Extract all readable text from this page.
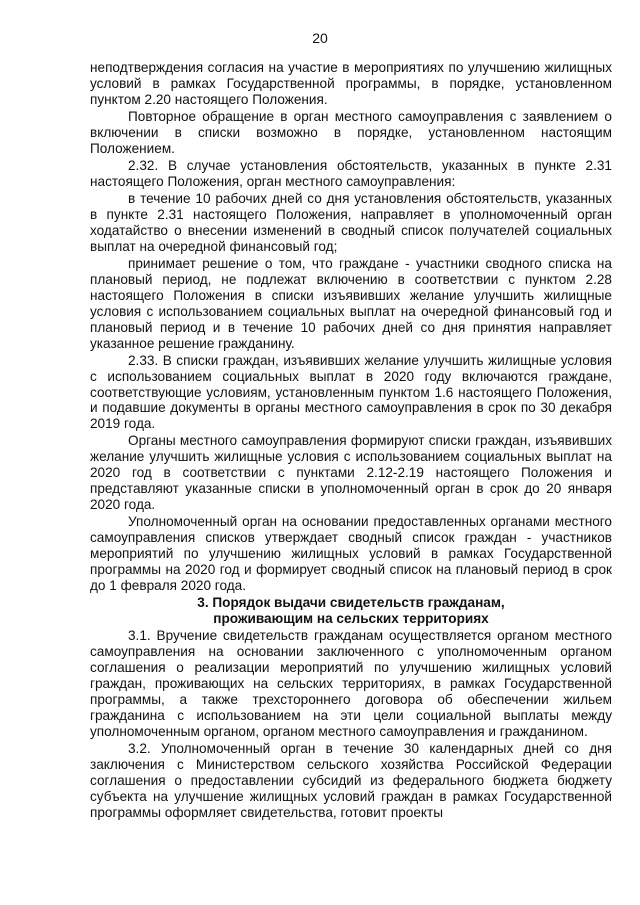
20

неподтверждения согласия на участие в мероприятиях по улучшению жилищных условий в рамках Государственной программы, в порядке, установленном пунктом 2.20 настоящего Положения.

Повторное обращение в орган местного самоуправления с заявлением о включении в списки возможно в порядке, установленном настоящим Положением.

2.32. В случае установления обстоятельств, указанных в пункте 2.31 настоящего Положения, орган местного самоуправления:

в течение 10 рабочих дней со дня установления обстоятельств, указанных в пункте 2.31 настоящего Положения, направляет в уполномоченный орган ходатайство о внесении изменений в сводный список получателей социальных выплат на очередной финансовый год;

принимает решение о том, что граждане - участники сводного списка на плановый период, не подлежат включению в соответствии с пунктом 2.28 настоящего Положения в списки изъявивших желание улучшить жилищные условия с использованием социальных выплат на очередной финансовый год и плановый период и в течение 10 рабочих дней со дня принятия направляет указанное решение гражданину.

2.33. В списки граждан, изъявивших желание улучшить жилищные условия с использованием социальных выплат в 2020 году включаются граждане, соответствующие условиям, установленным пунктом 1.6 настоящего Положения, и подавшие документы в органы местного самоуправления в срок по 30 декабря 2019 года.

Органы местного самоуправления формируют списки граждан, изъявивших желание улучшить жилищные условия с использованием социальных выплат на 2020 год в соответствии с пунктами 2.12-2.19 настоящего Положения и представляют указанные списки в уполномоченный орган в срок до 20 января 2020 года.

Уполномоченный орган на основании предоставленных органами местного самоуправления списков утверждает сводный список граждан - участников мероприятий по улучшению жилищных условий в рамках Государственной программы на 2020 год и формирует сводный список на плановый период в срок до 1 февраля 2020 года.

3. Порядок выдачи свидетельств гражданам,
проживающим на сельских территориях

3.1. Вручение свидетельств гражданам осуществляется органом местного самоуправления на основании заключенного с уполномоченным органом соглашения о реализации мероприятий по улучшению жилищных условий граждан, проживающих на сельских территориях, в рамках Государственной программы, а также трехстороннего договора об обеспечении жильем гражданина с использованием на эти цели социальной выплаты между уполномоченным органом, органом местного самоуправления и гражданином.

3.2. Уполномоченный орган в течение 30 календарных дней со дня заключения с Министерством сельского хозяйства Российской Федерации соглашения о предоставлении субсидий из федерального бюджета бюджету субъекта на улучшение жилищных условий граждан в рамках Государственной программы оформляет свидетельства, готовит проекты
